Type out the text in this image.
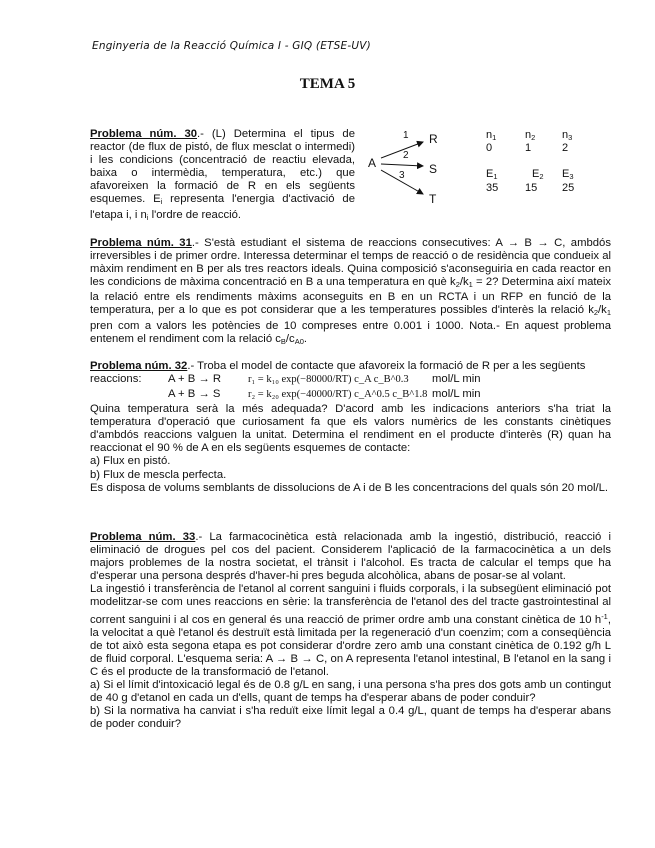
Enginyeria de la Reacció Química I - GIQ (ETSE-UV)
TEMA 5

Problema núm. 30.- (L) Determina el tipus de reactor (de flux de pistó, de flux mesclat o intermedi) i les condicions (concentració de reactiu elevada, baixa o intermèdia, temperatura, etc.) que afavoreixen la formació de R en els següents esquemes. $E_i$ representa l'energia d'activació de l'etapa i, i $n_i$ l'ordre de reacció.

A
R
S
T
1
2
3
$n_1$	$n_2$ $n_3$
0	1	2
$E_1$	$E_2$ $E_3$
35 15 25

Problema núm. 31.- S'està estudiant el sistema de reaccions consecutives: A → B → C, ambdós irreversibles i de primer ordre. Interessa determinar el temps de reacció o de residència que condueix al màxim rendiment en B per als tres reactors ideals. Quina composició s'aconseguiria en cada reactor en les condicions de màxima concentració en B a una temperatura en què $k_2/k_1 = 2$? Determina així mateix la relació entre els rendiments màxims aconseguits en B en un RCTA i un RFP en funció de la temperatura, per a lo que es pot considerar que a les temperatures possibles d'interès la relació $k_2/k_1$ pren com a valors les potències de 10 compreses entre 0.001 i 1000. Nota.- En aquest problema entenem el rendiment com la relació $c_B/c_{A0}$.

Problema núm. 32.- Troba el model de contacte que afavoreix la formació de R per a les següents

reaccions: A + B → R	r₁ = k₁₀ exp(−80000/RT) c_A c_B^0.3 mol/L min
A + B → S	r₂ = k₂₀ exp(−40000/RT) c_A^0.5 c_B^1.8 mol/L min

Quina temperatura serà la més adequada? D'acord amb les indicacions anteriors s'ha triat la temperatura d'operació que curiosament fa que els valors numèrics de les constants cinètiques d'ambdós reaccions valguen la unitat. Determina el rendiment en el producte d'interès (R) quan ha reaccionat el 90 % de A en els següents esquemes de contacte:

a) Flux en pistó.

b) Flux de mescla perfecta.

Es disposa de volums semblants de dissolucions de A i de B les concentracions del quals són 20 mol/L.

Problema núm. 33.- La farmacocinètica està relacionada amb la ingestió, distribució, reacció i eliminació de drogues pel cos del pacient. Considerem l'aplicació de la farmacocinètica a un dels majors problemes de la nostra societat, el trànsit i l'alcohol. Es tracta de calcular el temps que ha d'esperar una persona després d'haver-hi pres beguda alcohòlica, abans de posar-se al volant.

La ingestió i transferència de l'etanol al corrent sanguini i fluids corporals, i la subsegüent eliminació pot modelitzar-se com unes reaccions en sèrie: la transferència de l'etanol des del tracte gastrointestinal al corrent sanguini i al cos en general és una reacció de primer ordre amb una constant cinètica de 10 $h^{-1}$, la velocitat a què l'etanol és destruït està limitada per la regeneració d'un coenzim; com a conseqüència de tot això esta segona etapa es pot considerar d'ordre zero amb una constant cinètica de 0.192 g/h L de fluid corporal. L'esquema seria: A → B → C, on A representa l'etanol intestinal, B l'etanol en la sang i C és el producte de la transformació de l'etanol.

a) Si el límit d'intoxicació legal és de 0.8 g/L en sang, i una persona s'ha pres dos gots amb un contingut de 40 g d'etanol en cada un d'ells, quant de temps ha d'esperar abans de poder conduir?

b) Si la normativa ha canviat i s'ha reduït eixe límit legal a 0.4 g/L, quant de temps ha d'esperar abans de poder conduir?
